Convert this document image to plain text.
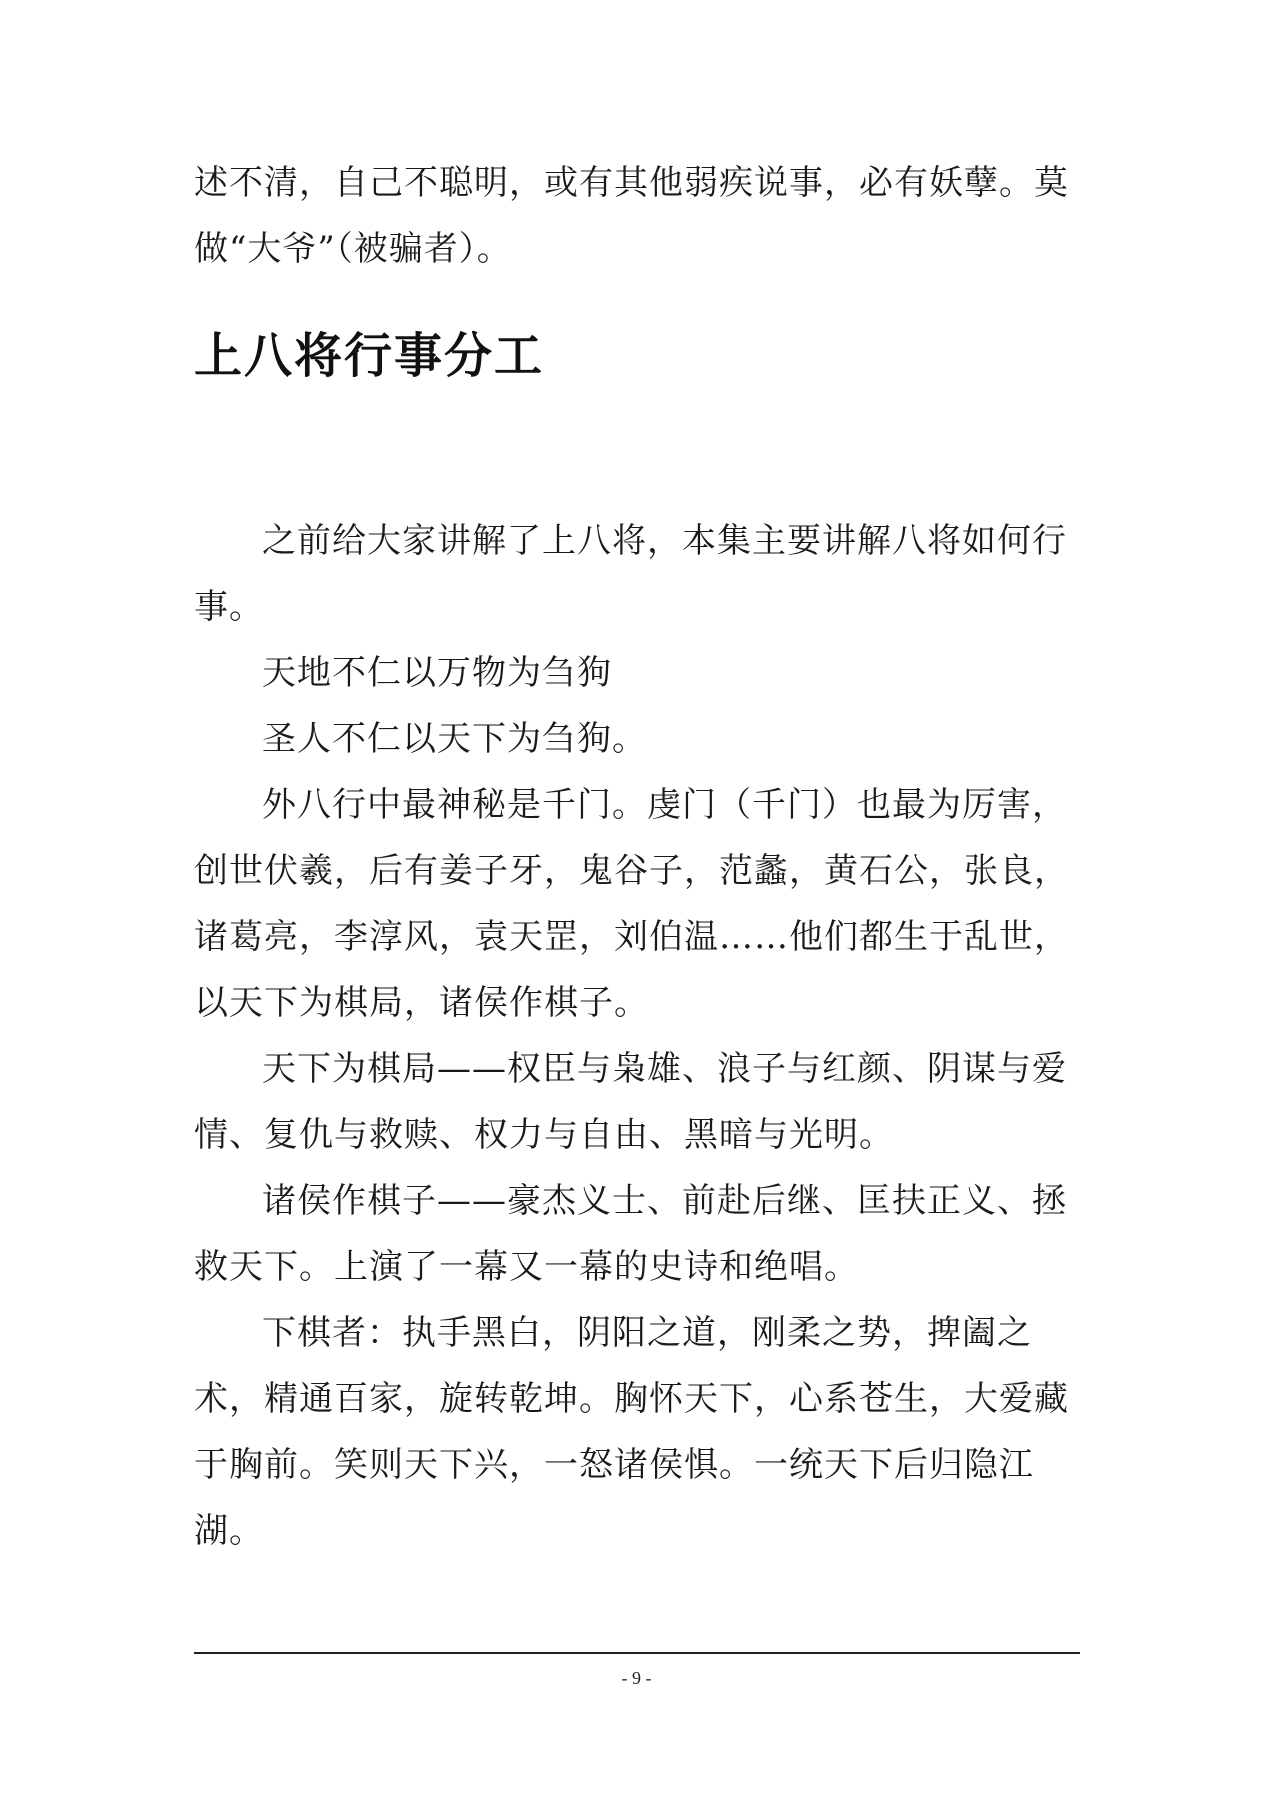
述不清，自己不聪明，或有其他弱疾说事，必有妖孽。莫做“大爷”（被骗者）。

上八将行事分工

之前给大家讲解了上八将，本集主要讲解八将如何行事。

天地不仁以万物为刍狗

圣人不仁以天下为刍狗。

外八行中最神秘是千门。虔门（千门）也最为厉害，创世伏羲，后有姜子牙，鬼谷子，范蠡，黄石公，张良，诸葛亮，李淳风，袁天罡，刘伯温……他们都生于乱世，以天下为棋局，诸侯作棋子。

天下为棋局——权臣与枭雄、浪子与红颜、阴谋与爱情、复仇与救赎、权力与自由、黑暗与光明。

诸侯作棋子——豪杰义士、前赴后继、匡扶正义、拯救天下。上演了一幕又一幕的史诗和绝唱。

下棋者：执手黑白，阴阳之道，刚柔之势，捭阖之术，精通百家，旋转乾坤。胸怀天下，心系苍生，大爱藏于胸前。笑则天下兴，一怒诸侯惧。一统天下后归隐江湖。

- 9 -
